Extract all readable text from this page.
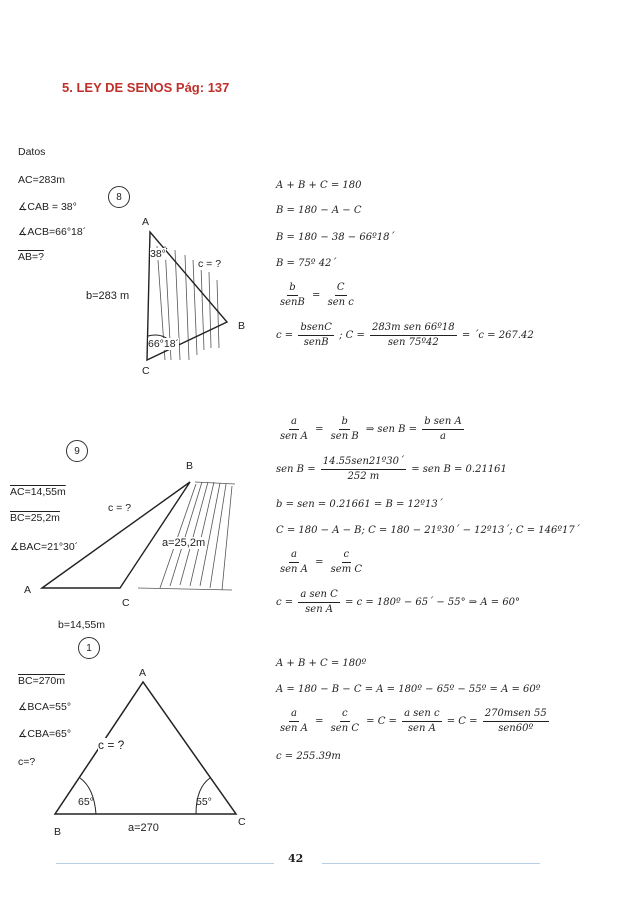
5. LEY DE SENOS Pág: 137
Datos
AC=283m
∡CAB = 38°
∡ACB=66°18´
AB=?
8
b=283 m
A
B
C
38°
66°18´
c = ?
A + B + C = 180
B = 180 − A − C
B = 180 − 38 − 66º18´
B = 75º 42´
$\frac{b}{\text{senB}} = \frac{C}{\text{sen c}}$
$c = \frac{\text{bsenC}}{\text{senB}}$ ; $C = \frac{\text{283m sen 66º18}}{\text{sen 75º42}}$ = ´c = 267.42
9
AC=14,55m
BC=25,2m
∡BAC=21°30´
B
A
C
c = ?
a=25,2m
b=14,55m
$\frac{a}{\text{sen A}} = \frac{b}{\text{sen B}}$ ⇒ sen $B = \frac{\text{b sen A}}{a}$
sen $B = \frac{\text{14.55sen21º30´}}{252 m}$ = sen B = 0.21161
b = sen = 0.21661 = B = 12º13´
C = 180 − A − B; C = 180 − 21º30´ − 12º13´; C = 146º17´
$\frac{a}{\text{sen A}} = \frac{c}{\text{sem C}}$
$c = \frac{\text{a sen C}}{\text{sen A}} = c$ = 180º − 65´ − 55° ⇒ A = 60°
1
BC=270m
∡BCA=55°
∡CBA=65°
c=?
A
B
C
c = ?
65°	55°
a=270
A + B + C = 180º
A = 180 − B − C = A = 180º − 65º − 55º = A = 60º
$\frac{a}{\text{sen A}} = \frac{c}{\text{sen C}} = C = \frac{\text{a sen c}}{\text{sen A}} = C = \frac{\text{270msen 55}}{\text{sen60º}}$
c = 255.39m
42
